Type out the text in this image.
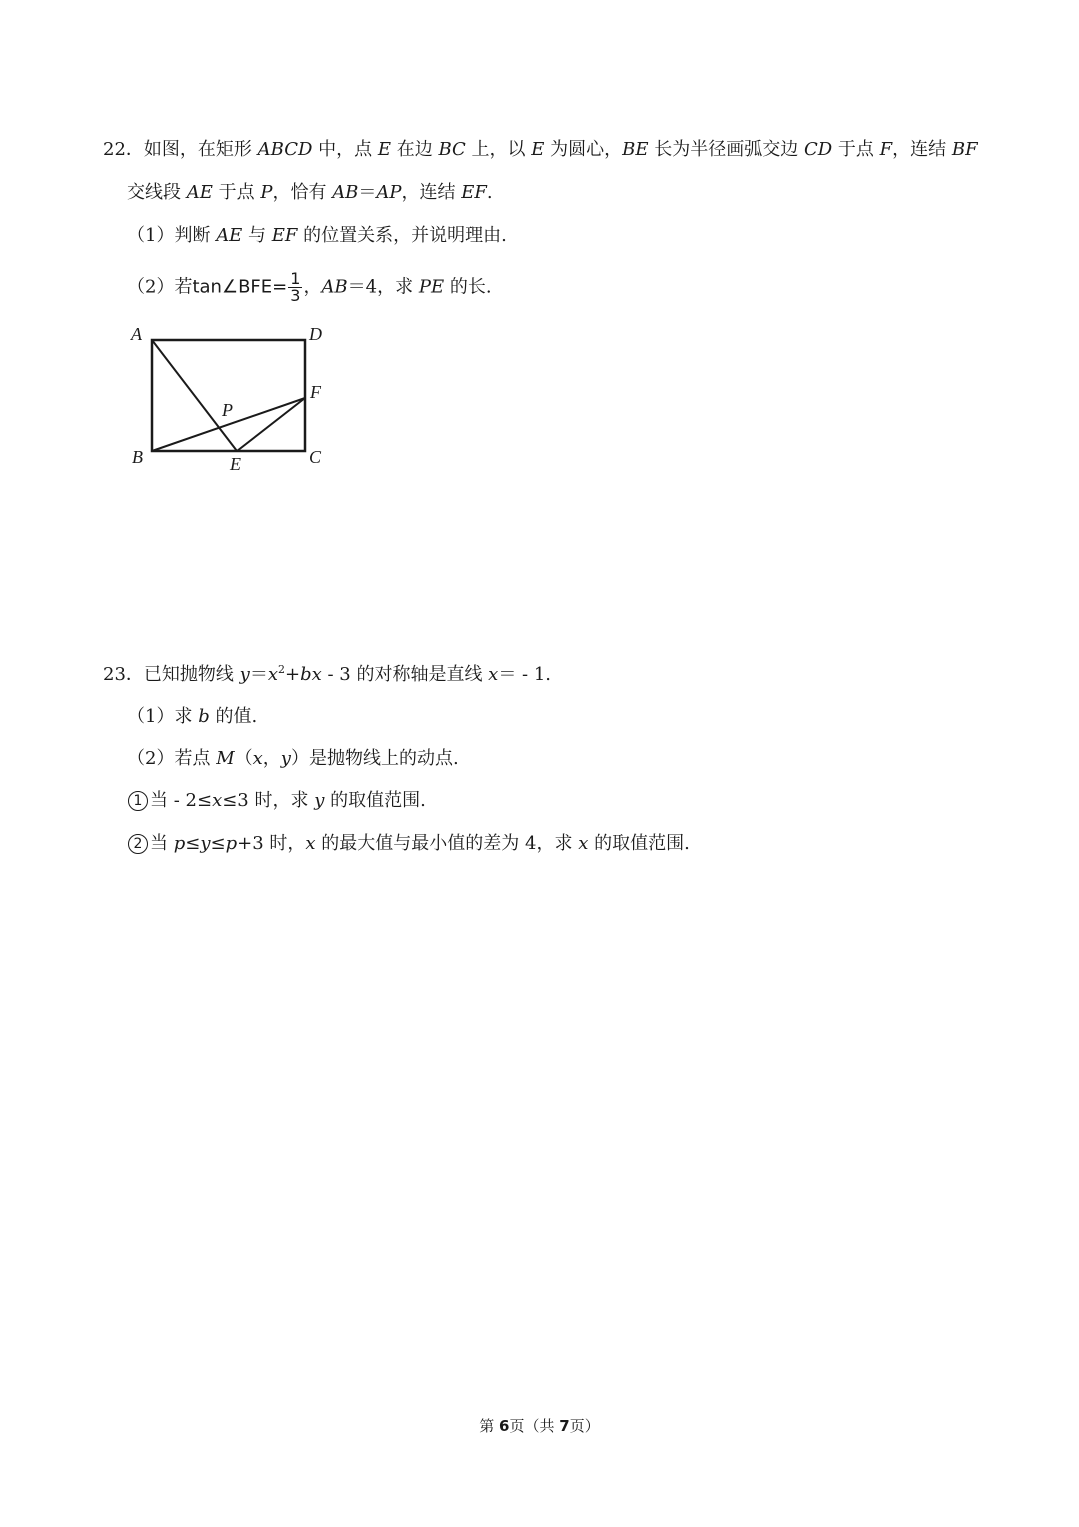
22．如图，在矩形 ABCD 中，点 E 在边 BC 上，以 E 为圆心，BE 长为半径画弧交边 CD 于点 F，连结 BF
交线段 AE 于点 P，恰有 AB＝AP，连结 EF.
（1）判断 AE 与 EF 的位置关系，并说明理由.
（2）若tan∠BFE= $\frac{1}{3}$ ，AB＝4，求 PE 的长.
A	D
F
P
B	E	C
23．已知抛物线 $y=x^2+bx$ ‐ 3 的对称轴是直线 x＝ ‐ 1.
（1）求 b 的值.
（2）若点 M（x，y）是抛物线上的动点.
1 当 ‐ 2≤x≤3 时，求 y 的取值范围.
2 当 p≤y≤p+3 时，x 的最大值与最小值的差为 4，求 x 的取值范围.
第 6页（共 7页）
